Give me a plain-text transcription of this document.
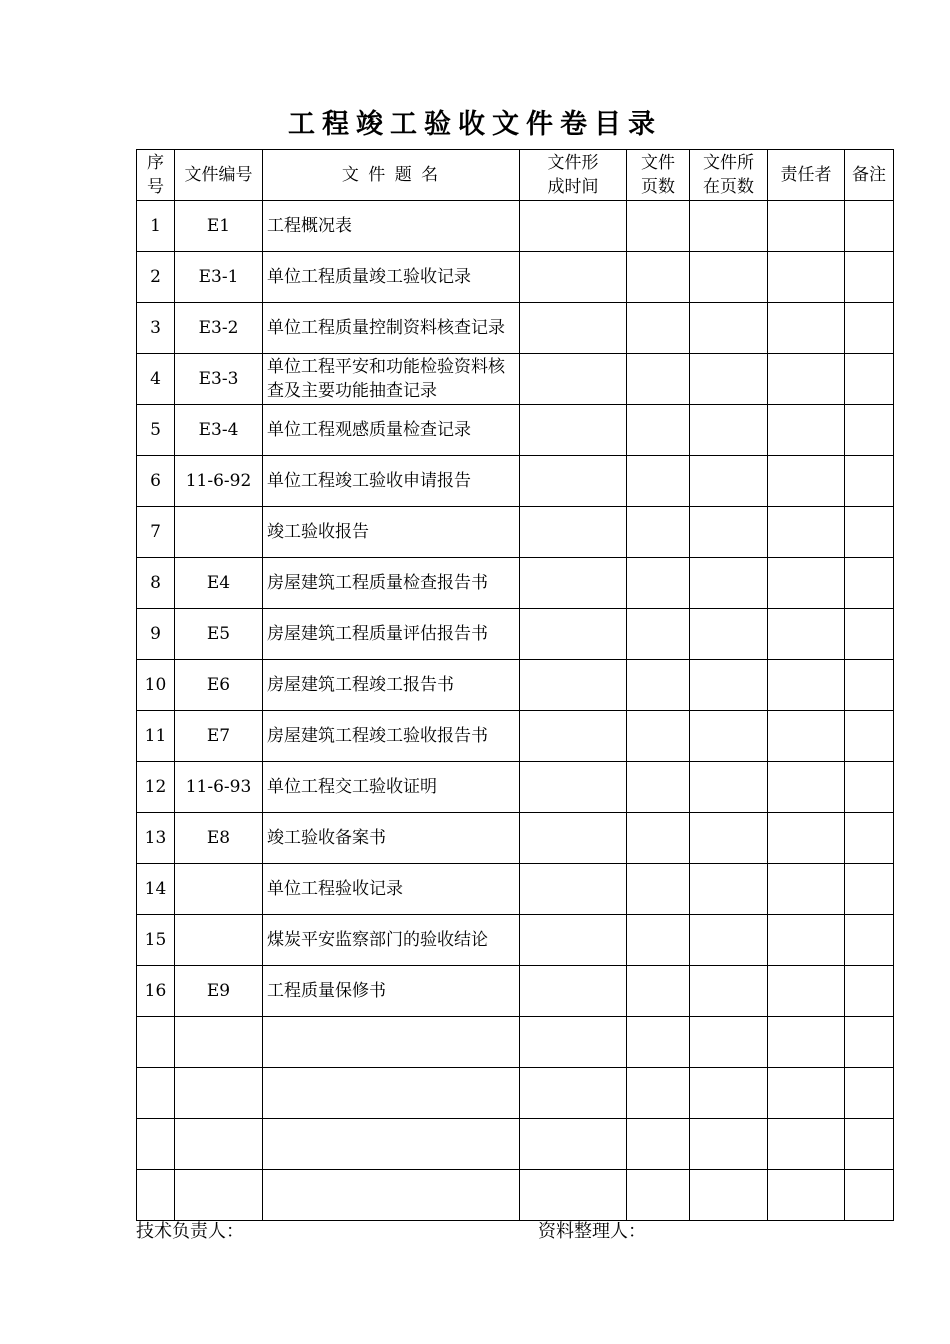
工程竣工验收文件卷目录
序号	文件编号	文 件 题 名	文件形成时间	文件页数	文件所在页数	责任者	备注
1	E1	工程概况表					
2	E3-1	单位工程质量竣工验收记录					
3	E3-2	单位工程质量控制资料核查记录					
4	E3-3	单位工程平安和功能检验资料核查及主要功能抽查记录					
5	E3-4	单位工程观感质量检查记录					
6	11-6-92	单位工程竣工验收申请报告					
7		竣工验收报告					
8	E4	房屋建筑工程质量检查报告书					
9	E5	房屋建筑工程质量评估报告书					
10	E6	房屋建筑工程竣工报告书					
11	E7	房屋建筑工程竣工验收报告书					
12	11-6-93	单位工程交工验收证明					
13	E8	竣工验收备案书					
14		单位工程验收记录					
15		煤炭平安监察部门的验收结论					
16	E9	工程质量保修书					

技术负责人：	资料整理人：
